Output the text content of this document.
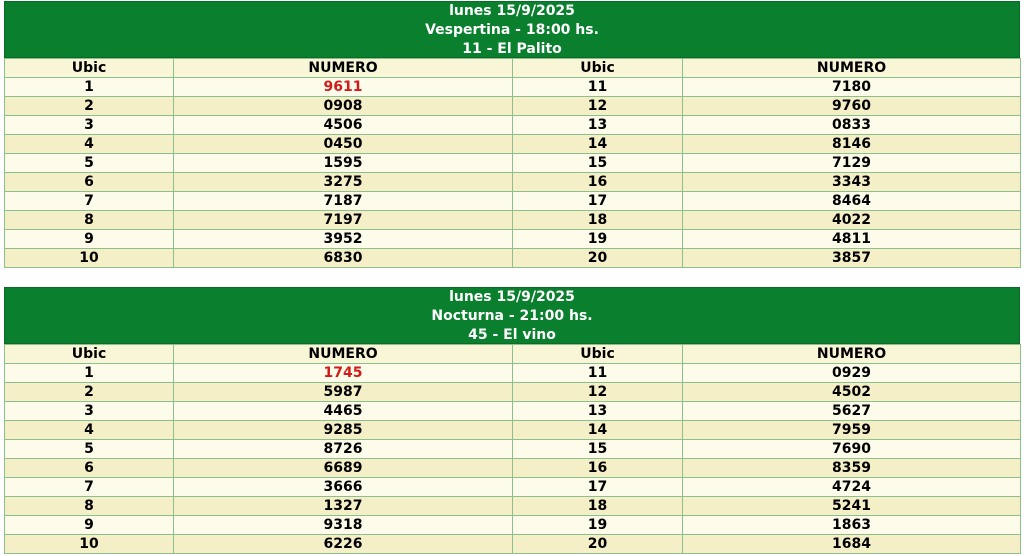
lunes 15/9/2025
Vespertina - 18:00 hs.
11 - El Palito
Ubic	NUMERO	Ubic	NUMERO
1	9611	11	7180
2	0908	12	9760
3	4506	13	0833
4	0450	14	8146
5	1595	15	7129
6	3275	16	3343
7	7187	17	8464
8	7197	18	4022
9	3952	19	4811
10	6830	20	3857
lunes 15/9/2025
Nocturna - 21:00 hs.
45 - El vino
Ubic	NUMERO	Ubic	NUMERO
1	1745	11	0929
2	5987	12	4502
3	4465	13	5627
4	9285	14	7959
5	8726	15	7690
6	6689	16	8359
7	3666	17	4724
8	1327	18	5241
9	9318	19	1863
10	6226	20	1684
